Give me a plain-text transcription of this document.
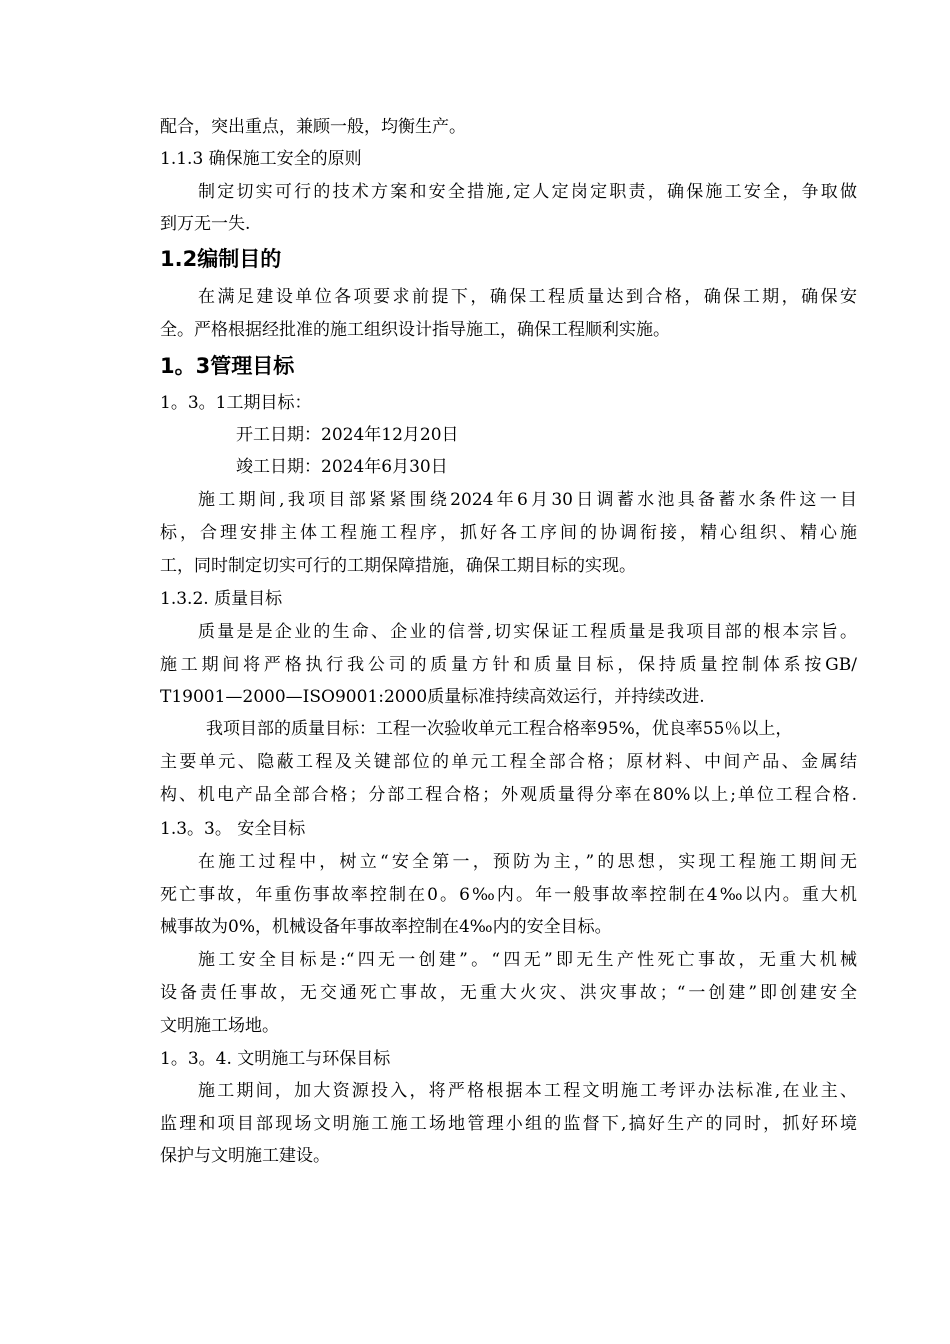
配合，突出重点，兼顾一般，均衡生产。
1.1.3 确保施工安全的原则
制定切实可行的技术方案和安全措施,定人定岗定职责，确保施工安全，争取做
到万无一失.
1.2编制目的
在满足建设单位各项要求前提下，确保工程质量达到合格，确保工期，确保安
全。严格根据经批准的施工组织设计指导施工，确保工程顺利实施。
1。3管理目标
1。3。1工期目标：
开工日期：2024年12月20日
竣工日期：2024年6月30日
施工期间,我项目部紧紧围绕2024年6月30日调蓄水池具备蓄水条件这一目
标，合理安排主体工程施工程序，抓好各工序间的协调衔接，精心组织、精心施
工，同时制定切实可行的工期保障措施，确保工期目标的实现。
1.3.2. 质量目标
质量是是企业的生命、企业的信誉,切实保证工程质量是我项目部的根本宗旨。
施工期间将严格执行我公司的质量方针和质量目标，保持质量控制体系按GB/
T19001—2000—ISO9001:2000质量标准持续高效运行，并持续改进.
我项目部的质量目标：工程一次验收单元工程合格率95%，优良率55％以上，
主要单元、隐蔽工程及关键部位的单元工程全部合格；原材料、中间产品、金属结
构、机电产品全部合格；分部工程合格；外观质量得分率在80%以上;单位工程合格.
1.3。3。 安全目标
在施工过程中，树立“安全第一，预防为主，”的思想，实现工程施工期间无
死亡事故，年重伤事故率控制在0。6‰内。年一般事故率控制在4‰以内。重大机
械事故为0%，机械设备年事故率控制在4‰内的安全目标。
施工安全目标是:“四无一创建”。“四无”即无生产性死亡事故，无重大机械
设备责任事故，无交通死亡事故，无重大火灾、洪灾事故；“一创建”即创建安全
文明施工场地。
1。3。4. 文明施工与环保目标
施工期间，加大资源投入，将严格根据本工程文明施工考评办法标准,在业主、
监理和项目部现场文明施工施工场地管理小组的监督下,搞好生产的同时，抓好环境
保护与文明施工建设。
